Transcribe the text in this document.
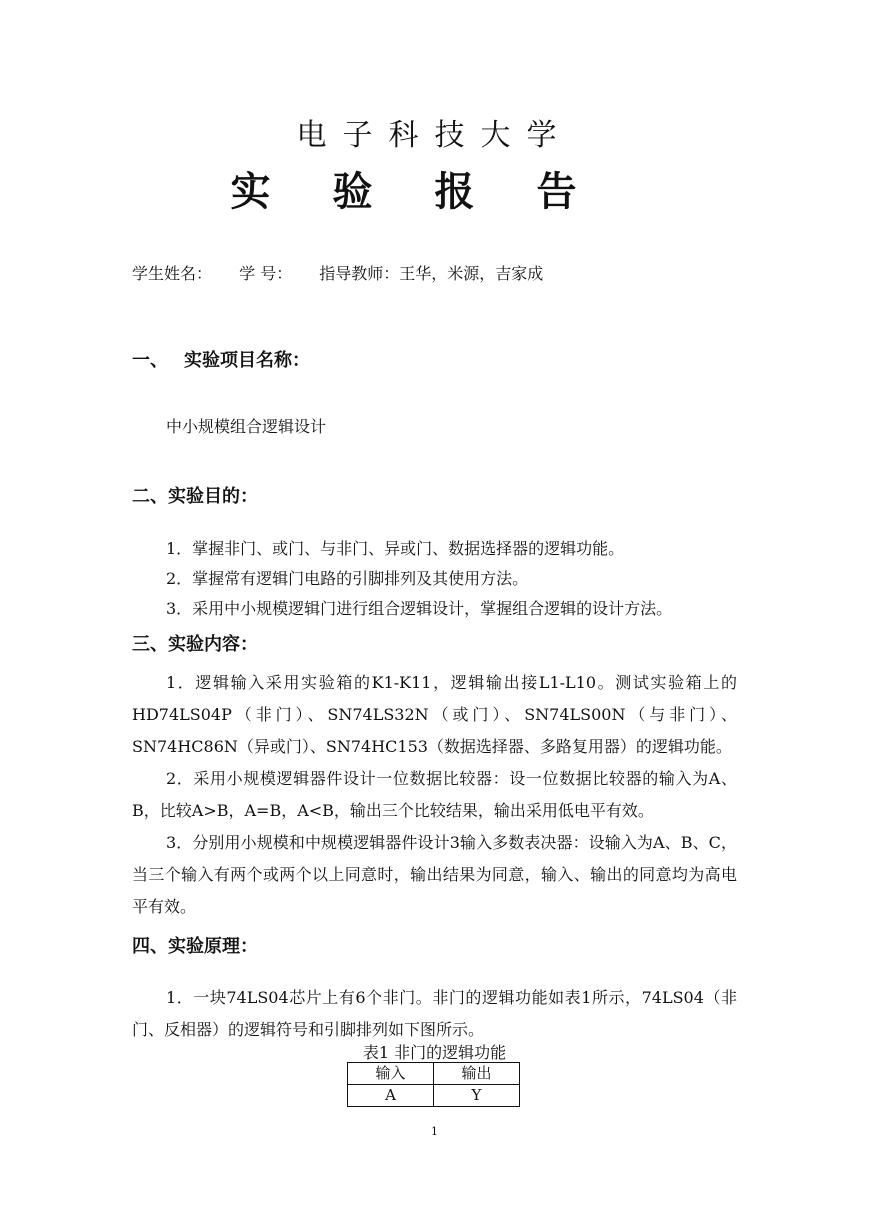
电子科技大学
实验报告
学生姓名： 学 号： 指导教师：王华，米源，吉家成
一、 实验项目名称：
中小规模组合逻辑设计
二、实验目的：
1．掌握非门、或门、与非门、异或门、数据选择器的逻辑功能。
2．掌握常有逻辑门电路的引脚排列及其使用方法。
3．采用中小规模逻辑门进行组合逻辑设计，掌握组合逻辑的设计方法。
三、实验内容：
1．逻辑输入采用实验箱的K1-K11，逻辑输出接L1-L10。测试实验箱上的HD74LS04P（非门）、SN74LS32N（或门）、SN74LS00N（与非门）、SN74HC86N（异或门）、SN74HC153（数据选择器、多路复用器）的逻辑功能。
2．采用小规模逻辑器件设计一位数据比较器：设一位数据比较器的输入为A、B，比较A>B，A=B，A<B，输出三个比较结果，输出采用低电平有效。
3．分别用小规模和中规模逻辑器件设计3输入多数表决器：设输入为A、B、C，当三个输入有两个或两个以上同意时，输出结果为同意，输入、输出的同意均为高电平有效。
四、实验原理：
1．一块74LS04芯片上有6个非门。非门的逻辑功能如表1所示，74LS04（非门、反相器）的逻辑符号和引脚排列如下图所示。
表1 非门的逻辑功能
输入	输出
A	Y
1
